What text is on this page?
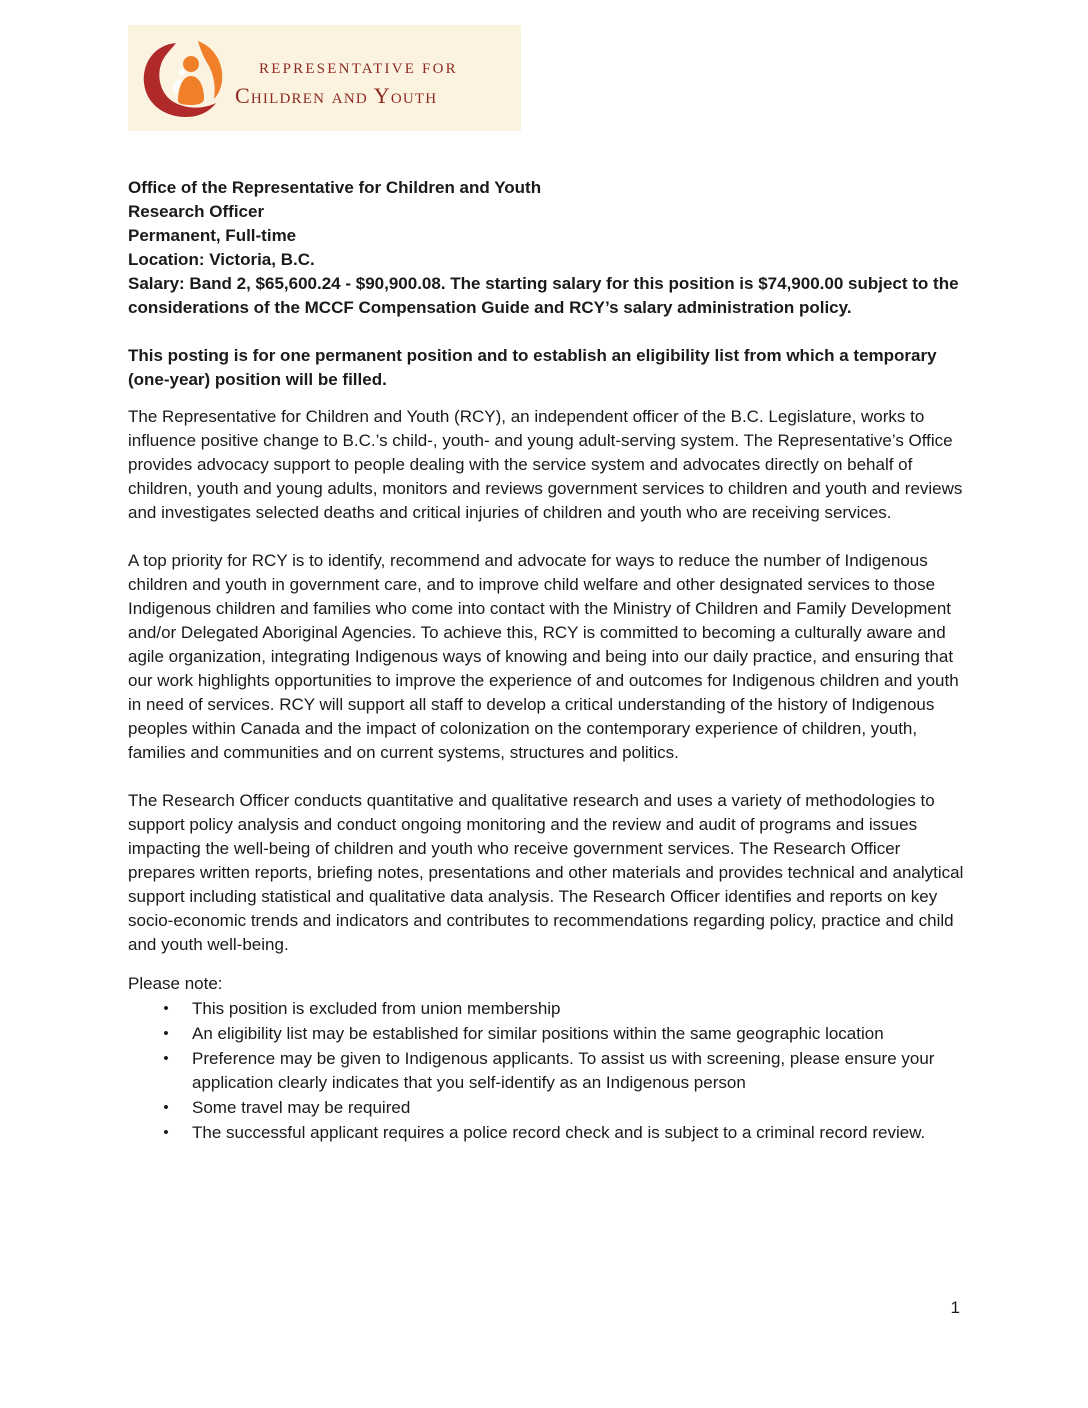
REPRESENTATIVE FOR
Children and Youth
Office of the Representative for Children and Youth
Research Officer
Permanent, Full-time
Location: Victoria, B.C.
Salary: Band 2, $65,600.24 - $90,900.08. The starting salary for this position is $74,900.00 subject to the considerations of the MCCF Compensation Guide and RCY’s salary administration policy.

This posting is for one permanent position and to establish an eligibility list from which a temporary (one-year) position will be filled.

The Representative for Children and Youth (RCY), an independent officer of the B.C. Legislature, works to influence positive change to B.C.’s child-, youth- and young adult-serving system. The Representative’s Office provides advocacy support to people dealing with the service system and advocates directly on behalf of children, youth and young adults, monitors and reviews government services to children and youth and reviews and investigates selected deaths and critical injuries of children and youth who are receiving services.

A top priority for RCY is to identify, recommend and advocate for ways to reduce the number of Indigenous children and youth in government care, and to improve child welfare and other designated services to those Indigenous children and families who come into contact with the Ministry of Children and Family Development and/or Delegated Aboriginal Agencies. To achieve this, RCY is committed to becoming a culturally aware and agile organization, integrating Indigenous ways of knowing and being into our daily practice, and ensuring that our work highlights opportunities to improve the experience of and outcomes for Indigenous children and youth in need of services. RCY will support all staff to develop a critical understanding of the history of Indigenous peoples within Canada and the impact of colonization on the contemporary experience of children, youth, families and communities and on current systems, structures and politics.

The Research Officer conducts quantitative and qualitative research and uses a variety of methodologies to support policy analysis and conduct ongoing monitoring and the review and audit of programs and issues impacting the well-being of children and youth who receive government services. The Research Officer prepares written reports, briefing notes, presentations and other materials and provides technical and analytical support including statistical and qualitative data analysis. The Research Officer identifies and reports on key socio-economic trends and indicators and contributes to recommendations regarding policy, practice and child and youth well-being.

Please note:

• This position is excluded from union membership
• An eligibility list may be established for similar positions within the same geographic location
• Preference may be given to Indigenous applicants. To assist us with screening, please ensure your application clearly indicates that you self-identify as an Indigenous person
• Some travel may be required
• The successful applicant requires a police record check and is subject to a criminal record review.
1
